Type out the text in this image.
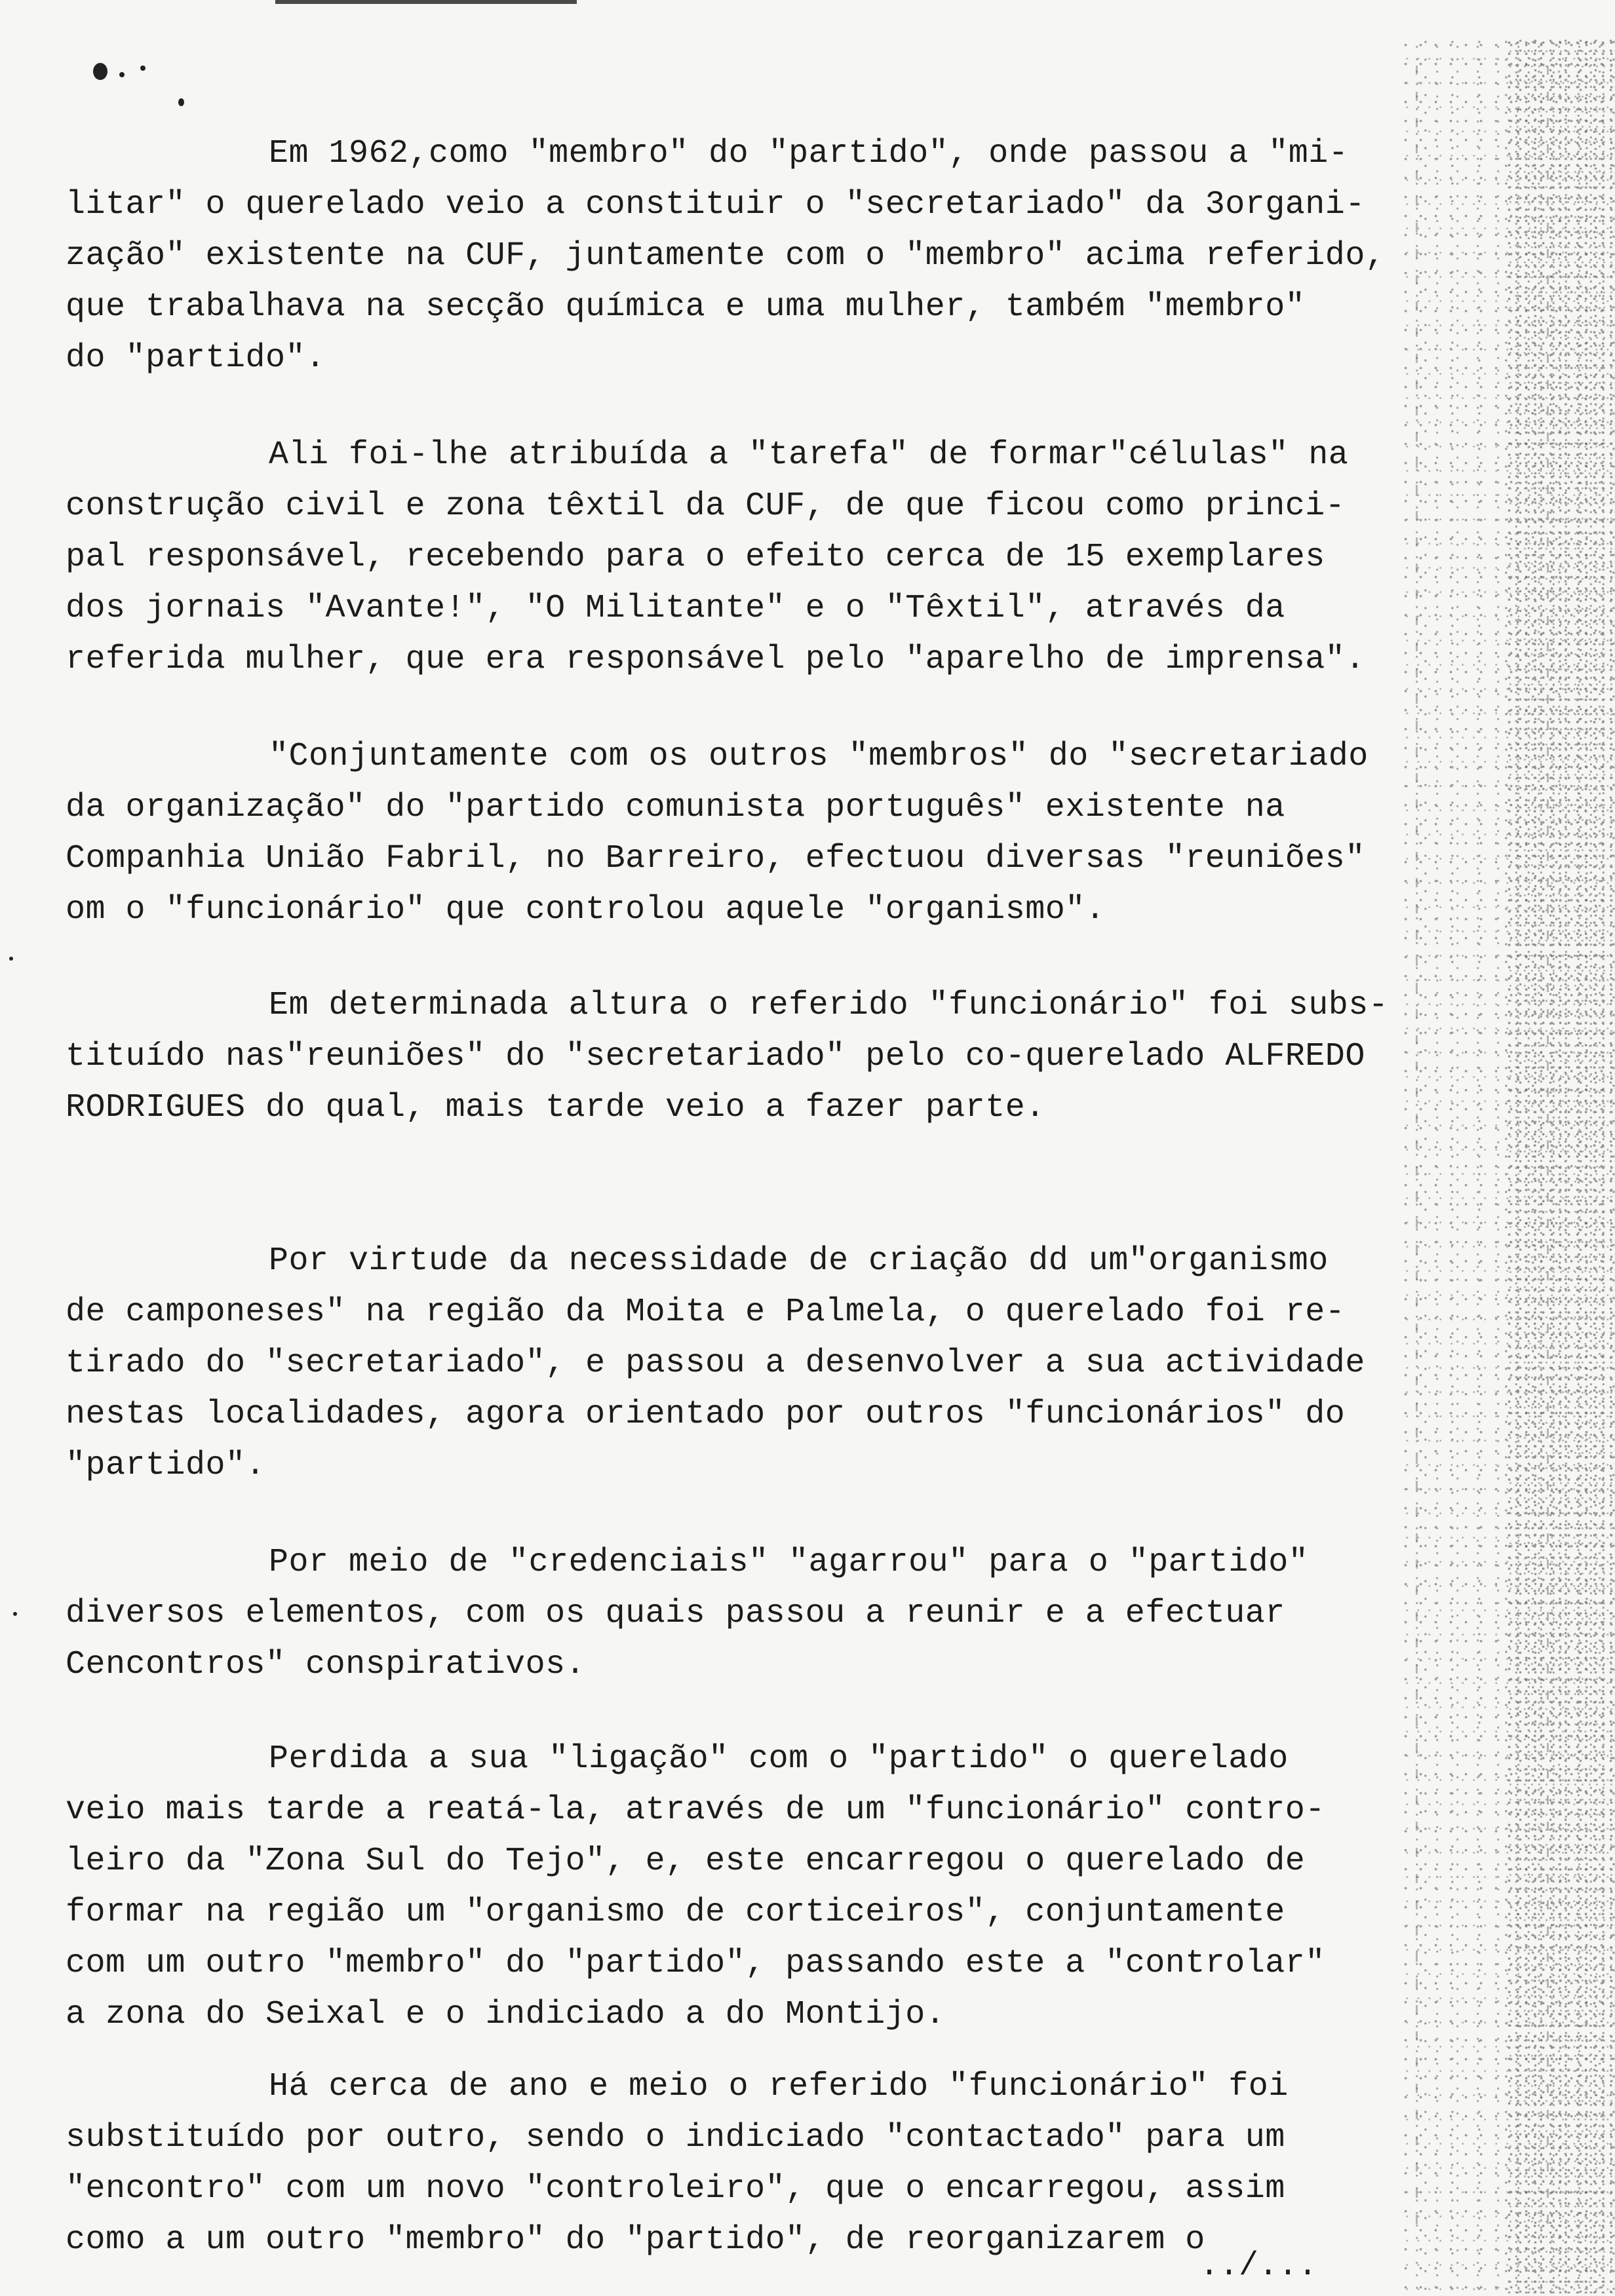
Em 1962,como "membro" do "partido", onde passou a "mi-
litar" o querelado veio a constituir o "secretariado" da 3organi-
zação" existente na CUF, juntamente com o "membro" acima referido,
que trabalhava na secção química e uma mulher, também "membro"
do "partido".
Ali foi-lhe atribuída a "tarefa" de formar"células" na
construção civil e zona têxtil da CUF, de que ficou como princi-
pal responsável, recebendo para o efeito cerca de 15 exemplares
dos jornais "Avante!", "O Militante" e o "Têxtil", através da
referida mulher, que era responsável pelo "aparelho de imprensa".
"Conjuntamente com os outros "membros" do "secretariado
da organização" do "partido comunista português" existente na
Companhia União Fabril, no Barreiro, efectuou diversas "reuniões"
om o "funcionário" que controlou aquele "organismo".
Em determinada altura o referido "funcionário" foi subs-
tituído nas"reuniões" do "secretariado" pelo co-querelado ALFREDO
RODRIGUES do qual, mais tarde veio a fazer parte.
Por virtude da necessidade de criação dd um"organismo
de camponeses" na região da Moita e Palmela, o querelado foi re-
tirado do "secretariado", e passou a desenvolver a sua actividade
nestas localidades, agora orientado por outros "funcionários" do
"partido".
Por meio de "credenciais" "agarrou" para o "partido"
diversos elementos, com os quais passou a reunir e a efectuar
Cencontros" conspirativos.
Perdida a sua "ligação" com o "partido" o querelado
veio mais tarde a reatá-la, através de um "funcionário" contro-
leiro da "Zona Sul do Tejo", e, este encarregou o querelado de
formar na região um "organismo de corticeiros", conjuntamente
com um outro "membro" do "partido", passando este a "controlar"
a zona do Seixal e o indiciado a do Montijo.
Há cerca de ano e meio o referido "funcionário" foi
substituído por outro, sendo o indiciado "contactado" para um
"encontro" com um novo "controleiro", que o encarregou, assim
como a um outro "membro" do "partido", de reorganizarem o
../...
